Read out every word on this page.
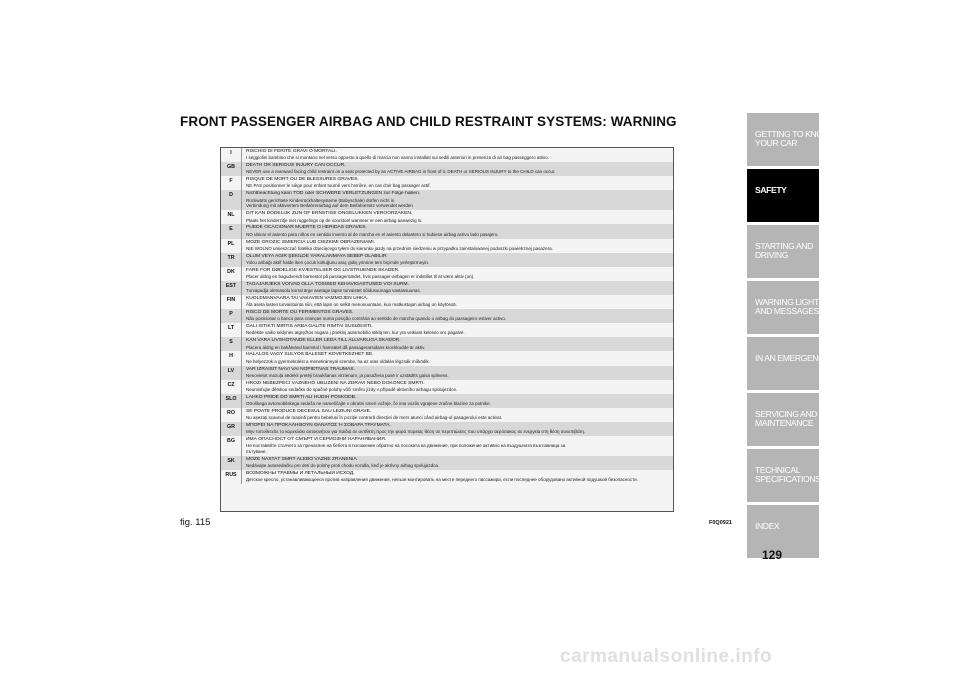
FRONT PASSENGER AIRBAG AND CHILD RESTRAINT SYSTEMS: WARNING
I	RISCHIO DI FERITE GRAVI O MORTALI.
I seggiolini bambino che si montano nel verso opposto a quello di marcia non vanno installati sui sedili anteriori in presenza di air bag passeggero attivo.
GB	DEATH OR SERIOUS INJURY CAN OCCUR.
NEVER use a rearward facing child restraint on a seat protected by an ACTIVE AIRBAG in front of it, DEATH or SERIOUS INJURY to the CHILD can occur.
F	RISQUE DE MORT OU DE BLESSURES GRAVES.
NE PAS positionner le siège pour enfant tourné vers l'arrière, en cas d'air bag passager actif.
D	Nichtbeachtung kann TOD oder SCHWERE VERLETZUNGEN zur Folge haben.
Rückwärts gerichtete Kinderrückhaltesysteme (Babyschale) dürfen nicht in
Verbindung mit aktiviertem Beifahrerairbag auf dem Beifahrersitz verwendet werden
NL	DIT KAN DODELIJK ZIJN OF ERNSTIGE ONGELUKKEN VEROORZAKEN.
Plaats het kinderzitje niet ruggelings op de voorstoel wanneer er een airbag aanwezig is.
E	PUEDE OCACIONAR MUERTE O HERIDAS GRAVES.
NO ubicar el asiento para niños en sentido inverso al de marcha en el asiento delantero si hubiese airbag activo lado pasajero.
PL	MOŻE GROZIĆ ŚMIERCIA LUB CIEŻKIMI OBRAŻENIAMI.
NIE WOLNO umieszczać fotelika dziecięcego tyłem do kierunku jazdy na przednim siedzeniu w przypadku zainstalowanej poduszki powietrznej pasażera.
TR	ÖLÜM VEYA AĞIR ŞEKILDE YARALANMAYA SEBEP OLABILIR
Yolcu airbağı aktif halde iken çocuk koltuğunu araç gidiş yönüne ters biçimde yerleştirmeyin.
DK	FARE FOR DØDELIGE KVÆSTELSER OG LIVSTRUENDE SKADER.
Placer aldrig en bagudvendt barnestol på passagersædet, hvis passager-airbagen er indstillet til at være aktiv (on).
EST	TAGAJÄRJEKS VÕIVAD OLLA TÕSISED KEHAVIGASTUSED VÕI SURM.
Turvapadja olemasolu korral ärge asetage lapse turvaistet sõidusuunaga vastassuunas.
FIN	KUOLEMANVAARA TAI VAKAVIEN VAMMOJEN UHKA.
Älä aseta lasten turvaistuinta niin, että lapsi on selkä menosuuntaan, kun matkustajan airbag on käytössä.
P	RISCO DE MORTE OU FERIMENTOS GRAVES.
Não posicionar o banco para crianças numa posição contrária ao sentido de marcha quando o airbag do passageiro estiver activo.
LT	GALI IŠTIKTI MIRTIS ARBA GALITE RIMTAI SUSIŽEISTI.
Nedėkite vaiko sėdynės atgręžtos nugara į priekinį automobilio stiklą ten, kur yra veikiant keleivio oro pagalvė.
S	KAN VARA LIVSHOTANDE ELLER LEDA TILL ALLVARLIGA SKADOR.
Placera aldrig en bakåtvänd barnstol i framsätet då passagerarsidans krockkudde är aktiv.
H	HALÁLOS VAGY SÚLYOS BALESET KÖVETKEZHET BE.
Ne helyezzük a gyermekülést a menetiránnyal szembe, ha az utas oldalán légzsák működik.
LV	VAR IZRAISĪT NĀVI VAI NOPIETNAS TRAUMAS.
Nenovietot mazuļa sēdekli pretēji braukšanas virzienam, ja pasažiera pusē ir uzstādīts gaisa spilvens.
CZ	HROZÍ NEBEZPEČÍ VÁŽNÉHO UBLÍŽENÍ NA ZDRAVÍ NEBO DOKONCE SMRTI.
Neumisťujte dětskou sedačku do opačné polohy vůči směru jízdy v případě aktivního airbagu spolujezdce.
SLO	LAHKO PRIDE DO SMRTI ALI HUDIH POŠKODB.
Otroškega avtomobilskega sedeža ne nameščajte v obratni smeri vožnje, če ima vozilo vgrajene zračne blazine za potnike.
RO	SE POATE PRODUCE DECESUL SAU LEZIUNI GRAVE.
Nu așezați scaunul de mașină pentru bebeluși în poziție contrară direcției de mers atunci când airbag-ul pasagerului este activat.
GR	ΜΠΟΡΕΙ ΝΑ ΠΡΟΚΑΛΗΘΟΥΝ ΘΑΝΑΤΟΣ Ή ΣΟΒΑΡΑ ΤΡΑΥΜΑΤΑ.
Μην τοποθετείτε το καρεκλάκι αυτοκινήτου για παιδιά σε αντίθετη προς την φορά πορείας θέση σε περιπτώσεις που υπάρχει αερόσακος σε ενεργεία στη θέση συνεπιβάτη.
BG	ИМА ОПАСНОСТ ОТ СМЪРТ И СЕРИОЗНИ НАРАНЯВАНИЯ.
Не поставяйте столчето за пренасяне на бебета в положение обратно на посоката на движение, при положение активно на въздушната възглавница за
пътуване.
SK	MÔŽE NASTAŤ SMRŤ ALEBO VÁŽNE ZRANENIA
Nedávajte autosedačku pre deti do polohy proti chodu vozidla, keď je aktívny airbag spolujazdca.
RUS	ВОЗМОЖНЫ ТРАВМЫ И ЛЕТАЛЬНЫЙ ИСХОД.
Детское кресло, устанавливающееся против направления движения, нельзя монтировать на месте переднего пассажира, если последнее оборудовано активной подушкой безопасности.
fig. 115	F0Q0921
GETTING TO KNOW
YOUR CAR
SAFETY
STARTING AND
DRIVING
WARNING LIGHTS
AND MESSAGES
IN AN EMERGENCY
SERVICING AND
MAINTENANCE
TECHNICAL
SPECIFICATIONS
INDEX
129
carmanualsonline.info
